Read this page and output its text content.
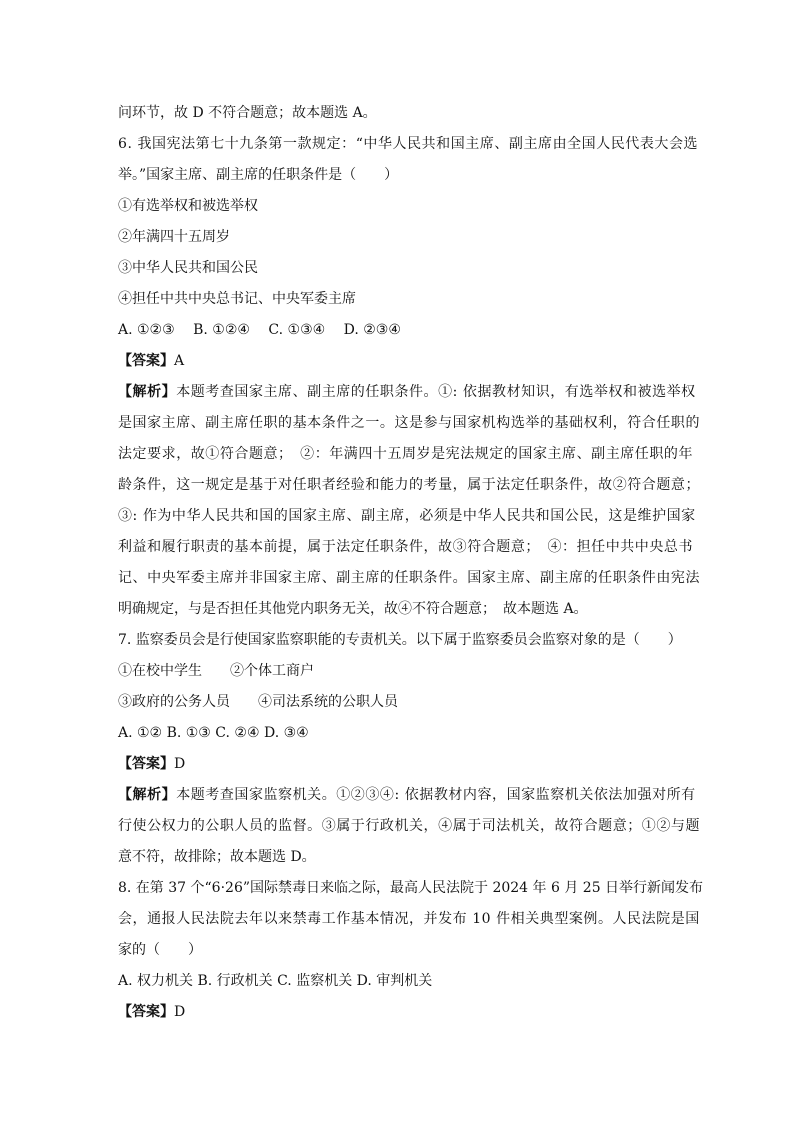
问环节，故 D 不符合题意；故本题选 A。
6. 我国宪法第七十九条第一款规定：“中华人民共和国主席、副主席由全国人民代表大会选
举。”国家主席、副主席的任职条件是（　　）
①有选举权和被选举权
②年满四十五周岁
③中华人民共和国公民
④担任中共中央总书记、中央军委主席
A. ①②③　 B. ①②④　 C. ①③④　 D. ②③④
【答案】A
【解析】本题考查国家主席、副主席的任职条件。①: 依据教材知识，有选举权和被选举权
是国家主席、副主席任职的基本条件之一。这是参与国家机构选举的基础权利，符合任职的
法定要求，故①符合题意；　②：年满四十五周岁是宪法规定的国家主席、副主席任职的年
龄条件，这一规定是基于对任职者经验和能力的考量，属于法定任职条件，故②符合题意；
③: 作为中华人民共和国的国家主席、副主席，必须是中华人民共和国公民，这是维护国家
利益和履行职责的基本前提，属于法定任职条件，故③符合题意；　④：担任中共中央总书
记、中央军委主席并非国家主席、副主席的任职条件。国家主席、副主席的任职条件由宪法
明确规定，与是否担任其他党内职务无关，故④不符合题意；　故本题选 A。
7. 监察委员会是行使国家监察职能的专责机关。以下属于监察委员会监察对象的是（　　）
①在校中学生　　②个体工商户
③政府的公务人员　　④司法系统的公职人员
A. ①② B. ①③ C. ②④ D. ③④
【答案】D
【解析】本题考查国家监察机关。①②③④: 依据教材内容，国家监察机关依法加强对所有
行使公权力的公职人员的监督。③属于行政机关，④属于司法机关，故符合题意；①②与题
意不符，故排除；故本题选 D。
8. 在第 37 个“6·26”国际禁毒日来临之际，最高人民法院于 2024 年 6 月 25 日举行新闻发布
会，通报人民法院去年以来禁毒工作基本情况，并发布 10 件相关典型案例。人民法院是国
家的（　　）
A. 权力机关 B. 行政机关 C. 监察机关 D. 审判机关
【答案】D
